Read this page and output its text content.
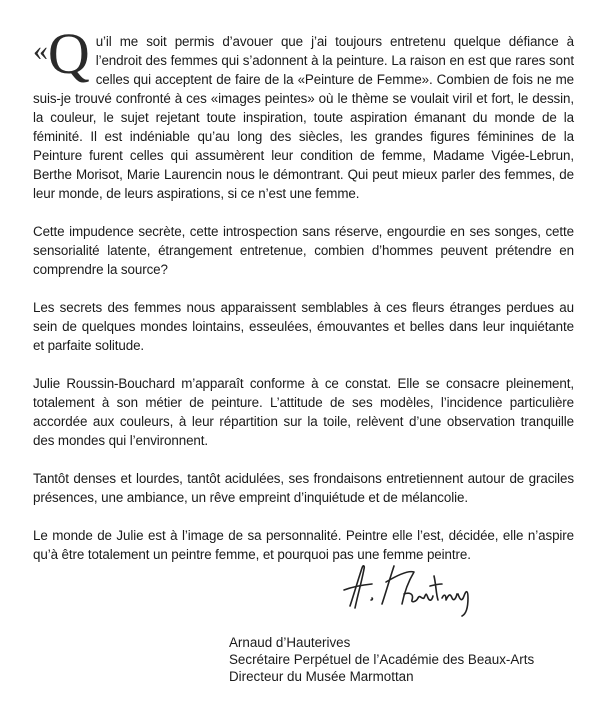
« Q u’il me soit permis d’avouer que j’ai toujours entretenu quelque défiance à l’endroit des femmes qui s’adonnent à la peinture. La raison en est que rares sont celles qui acceptent de faire de la «Peinture de Femme». Combien de fois ne me suis-je trouvé confronté à ces «images peintes» où le thème se voulait viril et fort, le dessin, la couleur, le sujet rejetant toute inspiration, toute aspiration émanant du monde de la féminité. Il est indéniable qu’au long des siècles, les grandes figures féminines de la Peinture furent celles qui assumèrent leur condition de femme, Madame Vigée-Lebrun, Berthe Morisot, Marie Laurencin nous le démontrant. Qui peut mieux parler des femmes, de leur monde, de leurs aspirations, si ce n’est une femme.

Cette impudence secrète, cette introspection sans réserve, engourdie en ses songes, cette sensorialité latente, étrangement entretenue, combien d’hommes peuvent prétendre en comprendre la source?

Les secrets des femmes nous apparaissent semblables à ces fleurs étranges perdues au sein de quelques mondes lointains, esseulées, émouvantes et belles dans leur inquiétante et parfaite solitude.

Julie Roussin-Bouchard m’apparaît conforme à ce constat. Elle se consacre pleinement, totalement à son métier de peinture. L’attitude de ses modèles, l’incidence particulière accordée aux couleurs, à leur répartition sur la toile, relèvent d’une observation tranquille des mondes qui l’environnent.

Tantôt denses et lourdes, tantôt acidulées, ses frondaisons entretiennent autour de graciles présences, une ambiance, un rêve empreint d’inquiétude et de mélancolie.

Le monde de Julie est à l’image de sa personnalité. Peintre elle l’est, décidée, elle n’aspire qu’à être totalement un peintre femme, et pourquoi pas une femme peintre.

Arnaud d’Hauterives
Secrétaire Perpétuel de l’Académie des Beaux-Arts
Directeur du Musée Marmottan
